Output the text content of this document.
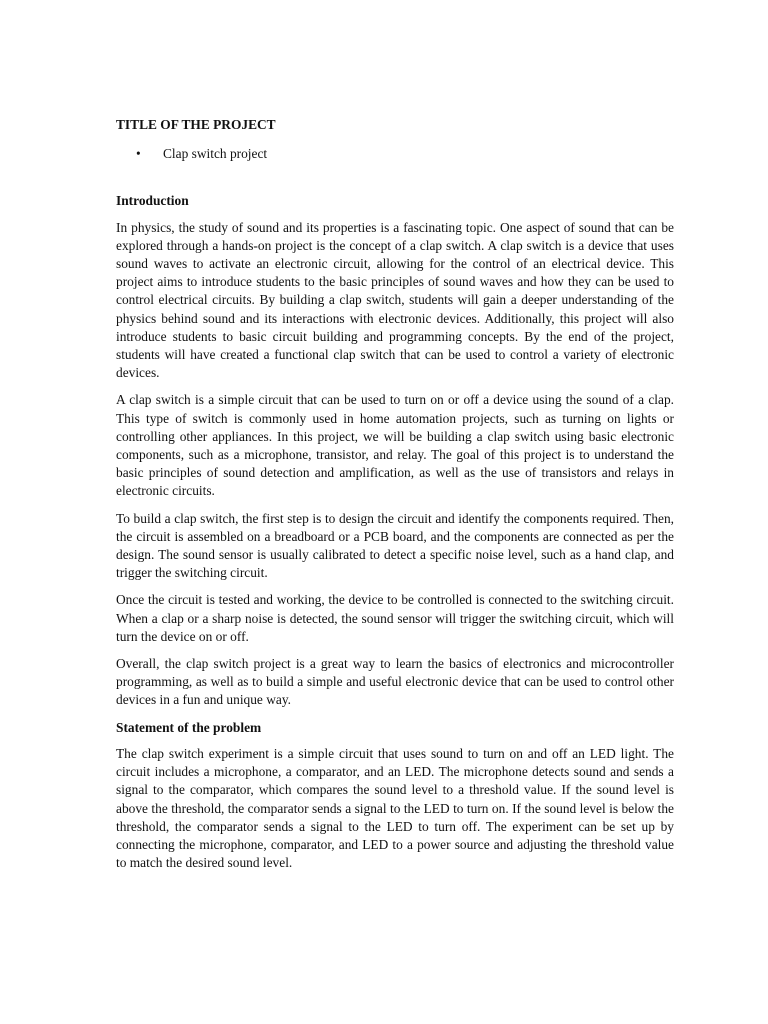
TITLE OF THE PROJECT
• Clap switch project
Introduction

In physics, the study of sound and its properties is a fascinating topic. One aspect of sound that can be explored through a hands-on project is the concept of a clap switch. A clap switch is a device that uses sound waves to activate an electronic circuit, allowing for the control of an electrical device. This project aims to introduce students to the basic principles of sound waves and how they can be used to control electrical circuits. By building a clap switch, students will gain a deeper understanding of the physics behind sound and its interactions with electronic devices. Additionally, this project will also introduce students to basic circuit building and programming concepts. By the end of the project, students will have created a functional clap switch that can be used to control a variety of electronic devices.

A clap switch is a simple circuit that can be used to turn on or off a device using the sound of a clap. This type of switch is commonly used in home automation projects, such as turning on lights or controlling other appliances. In this project, we will be building a clap switch using basic electronic components, such as a microphone, transistor, and relay. The goal of this project is to understand the basic principles of sound detection and amplification, as well as the use of transistors and relays in electronic circuits.

To build a clap switch, the first step is to design the circuit and identify the components required. Then, the circuit is assembled on a breadboard or a PCB board, and the components are connected as per the design. The sound sensor is usually calibrated to detect a specific noise level, such as a hand clap, and trigger the switching circuit.

Once the circuit is tested and working, the device to be controlled is connected to the switching circuit. When a clap or a sharp noise is detected, the sound sensor will trigger the switching circuit, which will turn the device on or off.

Overall, the clap switch project is a great way to learn the basics of electronics and microcontroller programming, as well as to build a simple and useful electronic device that can be used to control other devices in a fun and unique way.

Statement of the problem

The clap switch experiment is a simple circuit that uses sound to turn on and off an LED light. The circuit includes a microphone, a comparator, and an LED. The microphone detects sound and sends a signal to the comparator, which compares the sound level to a threshold value. If the sound level is above the threshold, the comparator sends a signal to the LED to turn on. If the sound level is below the threshold, the comparator sends a signal to the LED to turn off. The experiment can be set up by connecting the microphone, comparator, and LED to a power source and adjusting the threshold value to match the desired sound level.
